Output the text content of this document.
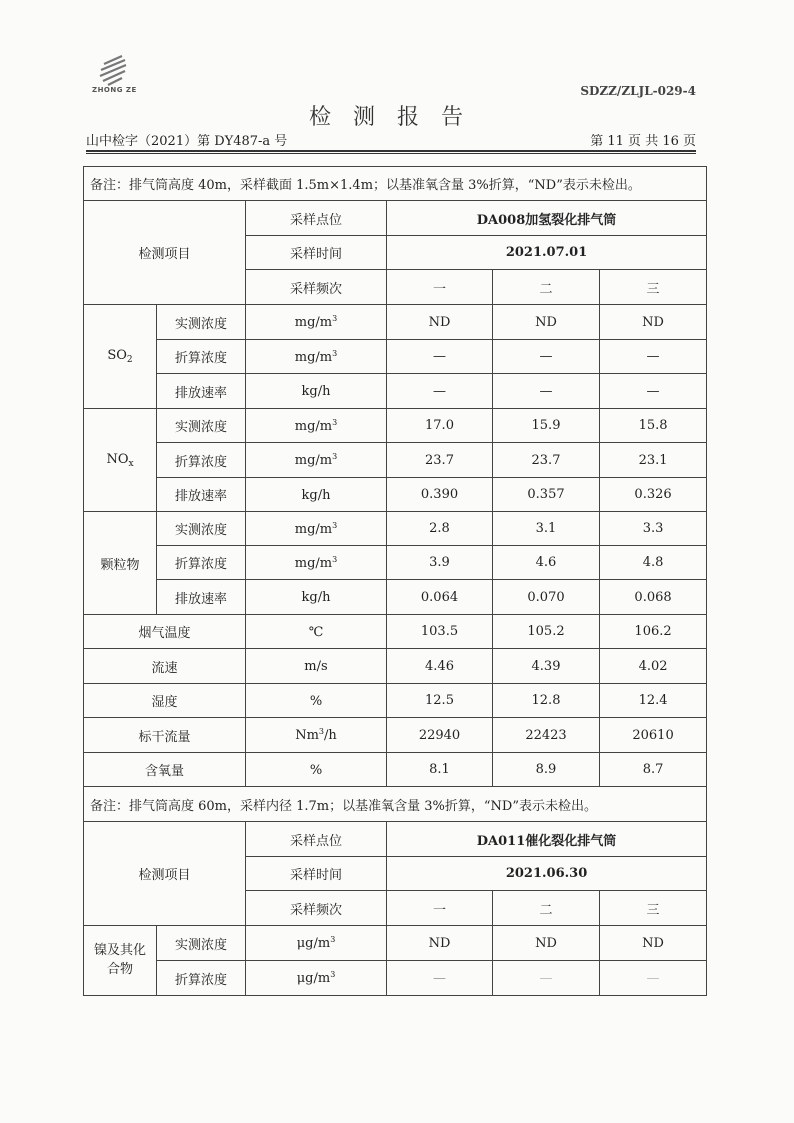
ZHONG ZE	SDZZ/ZLJL-029-4
检测报告
山中检字（2021）第 DY487-a 号	第 11 页 共 16 页
备注：排气筒高度 40m，采样截面 1.5m×1.4m；以基准氧含量 3%折算，“ND”表示未检出。					
检测项目		采样点位	DA008加氢裂化排气筒		
		采样时间	2021.07.01		
		采样频次	一	二	三
$SO_2$	实测浓度	$mg/m^3$	ND	ND	ND
	折算浓度	$mg/m^3$	—	—	—
	排放速率	kg/h	—	—	—
$NO_x$	实测浓度	$mg/m^3$	17.0	15.9	15.8
	折算浓度	$mg/m^3$	23.7	23.7	23.1
	排放速率	kg/h	0.390	0.357	0.326
颗粒物	实测浓度	$mg/m^3$	2.8	3.1	3.3
	折算浓度	$mg/m^3$	3.9	4.6	4.8
	排放速率	kg/h	0.064	0.070	0.068
烟气温度		℃	103.5	105.2	106.2
流速		m/s	4.46	4.39	4.02
湿度		%	12.5	12.8	12.4
标干流量		Nm$^3$/h	22940	22423	20610
含氧量		%	8.1	8.9	8.7
备注：排气筒高度 60m，采样内径 1.7m；以基准氧含量 3%折算，“ND”表示未检出。					
检测项目		采样点位	DA011催化裂化排气筒		
		采样时间	2021.06.30		
		采样频次	一	二	三
镍及其化
合物	实测浓度	$\mu g/m^3$	ND	ND	ND
	折算浓度	$\mu g/m^3$	—	—	—
